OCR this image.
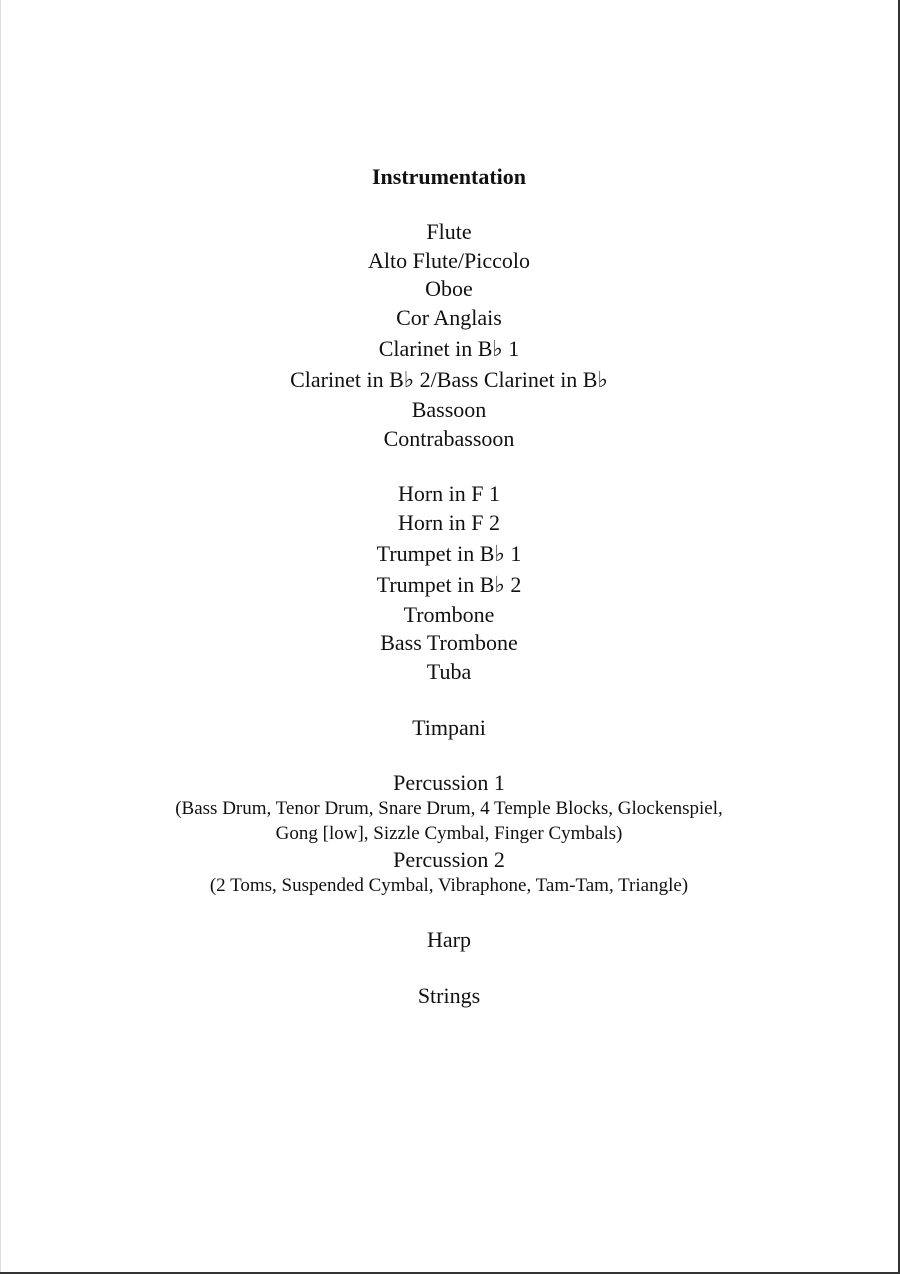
Instrumentation
Flute
Alto Flute/Piccolo
Oboe
Cor Anglais
Clarinet in B♭ 1
Clarinet in B♭ 2/Bass Clarinet in B♭
Bassoon
Contrabassoon
Horn in F 1
Horn in F 2
Trumpet in B♭ 1
Trumpet in B♭ 2
Trombone
Bass Trombone
Tuba
Timpani
Percussion 1
(Bass Drum, Tenor Drum, Snare Drum, 4 Temple Blocks, Glockenspiel,
Gong [low], Sizzle Cymbal, Finger Cymbals)
Percussion 2
(2 Toms, Suspended Cymbal, Vibraphone, Tam-Tam, Triangle)
Harp
Strings
